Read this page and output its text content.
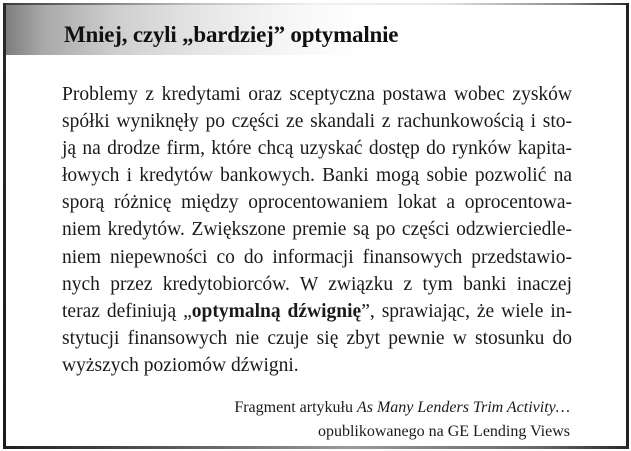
Mniej, czyli „bardziej” optymalnie
Problemy z kredytami oraz sceptyczna postawa wobec zysków
spółki wyniknęły po części ze skandali z rachunkowością i sto-
ją na drodze firm, które chcą uzyskać dostęp do rynków kapita-
łowych i kredytów bankowych. Banki mogą sobie pozwolić na
sporą różnicę między oprocentowaniem lokat a oprocentowa-
niem kredytów. Zwiększone premie są po części odzwierciedle-
niem niepewności co do informacji finansowych przedstawio-
nych przez kredytobiorców. W związku z tym banki inaczej
teraz definiują „optymalną dźwignię”, sprawiając, że wiele in-
stytucji finansowych nie czuje się zbyt pewnie w stosunku do
wyższych poziomów dźwigni.
Fragment artykułu As Many Lenders Trim Activity…
opublikowanego na GE Lending Views
